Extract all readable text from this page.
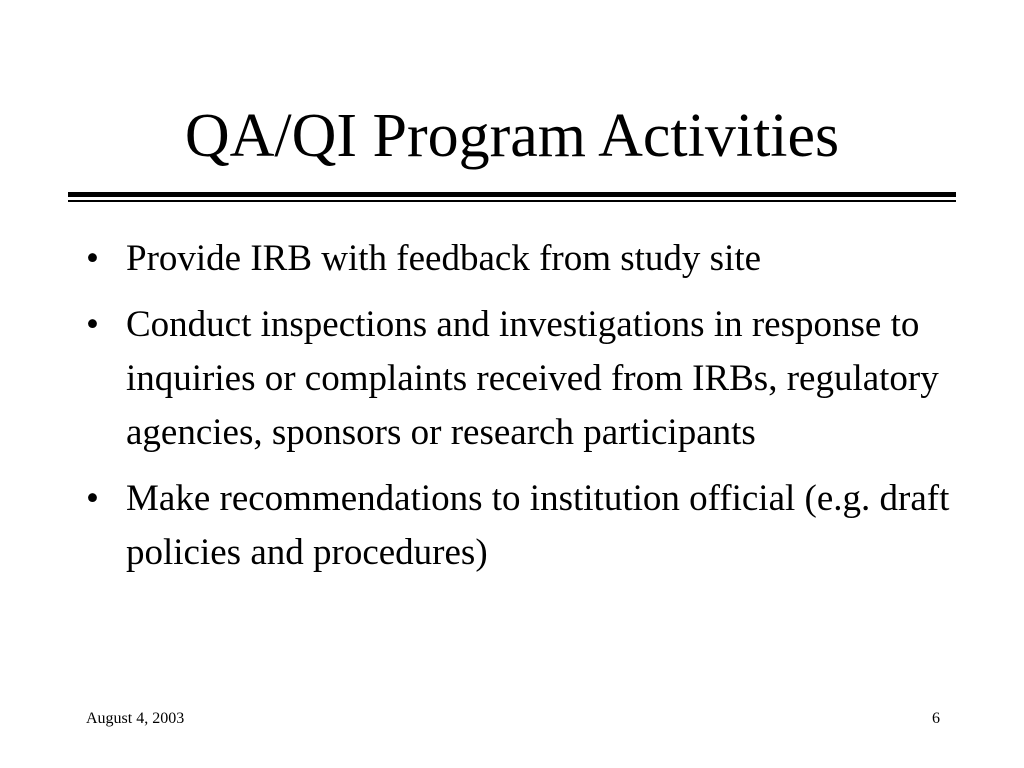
QA/QI Program Activities
• Provide IRB with feedback from study site
• Conduct inspections and investigations in response to inquiries or complaints received from IRBs, regulatory agencies, sponsors or research participants
• Make recommendations to institution official (e.g. draft policies and procedures)
August 4, 2003	6
